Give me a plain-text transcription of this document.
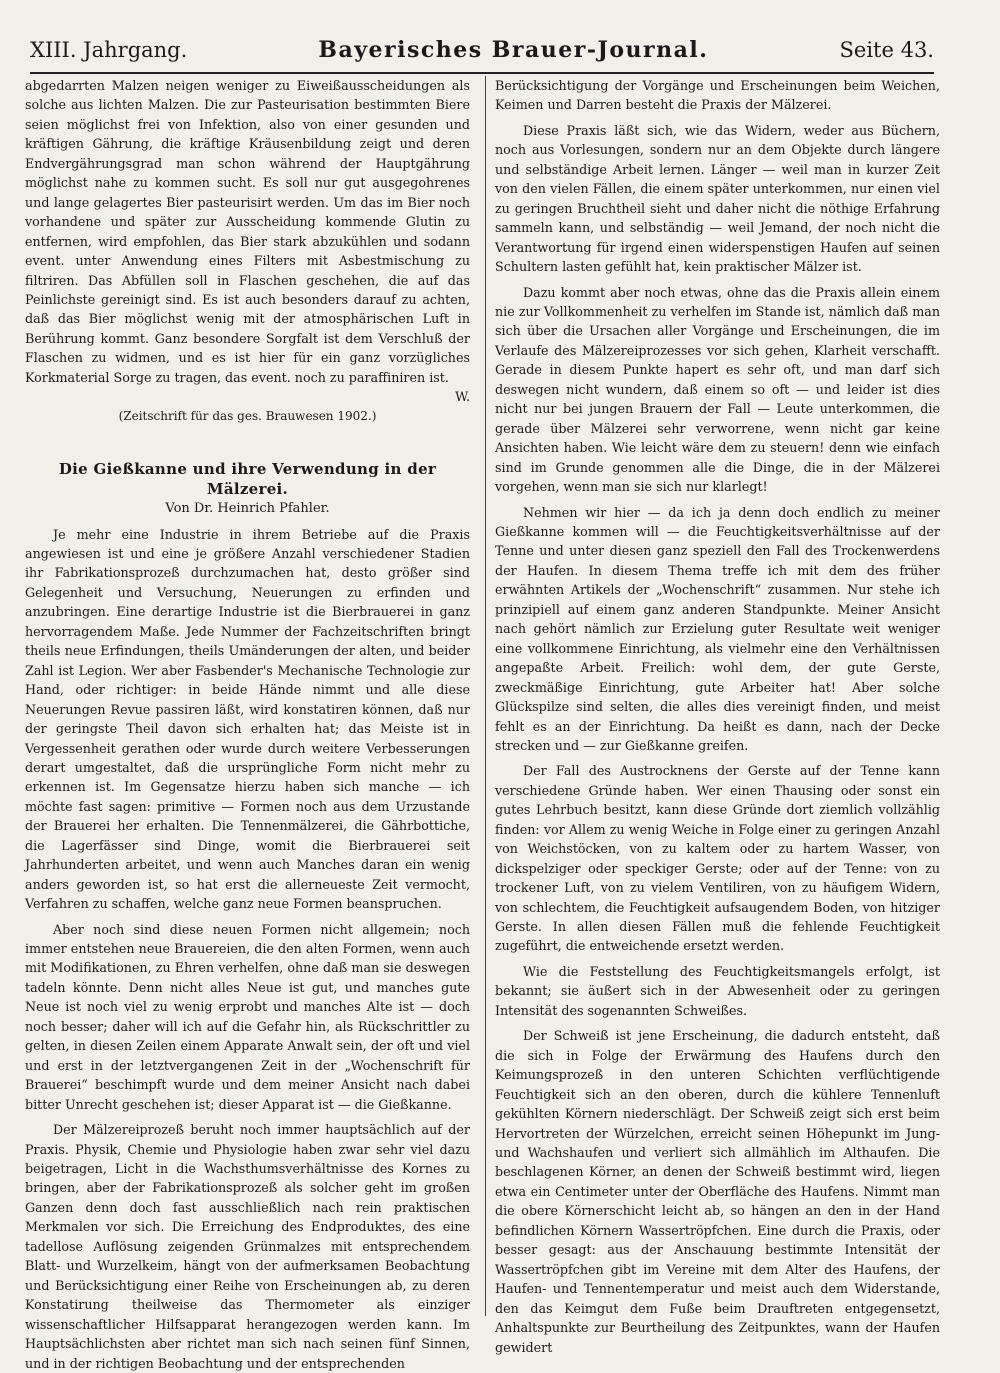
XIII. Jahrgang.	Bayerisches Brauer-Journal.	Seite 43.

abgedarrten Malzen neigen weniger zu Eiweißausscheidungen als solche aus lichten Malzen. Die zur Pasteurisation bestimmten Biere seien möglichst frei von Infektion, also von einer gesunden und kräftigen Gährung, die kräftige Kräusenbildung zeigt und deren Endvergährungsgrad man schon während der Hauptgährung möglichst nahe zu kommen sucht. Es soll nur gut ausgegohrenes und lange gelagertes Bier pasteurisirt werden. Um das im Bier noch vorhandene und später zur Ausscheidung kommende Glutin zu entfernen, wird empfohlen, das Bier stark abzukühlen und sodann event. unter Anwendung eines Filters mit Asbestmischung zu filtriren. Das Abfüllen soll in Flaschen geschehen, die auf das Peinlichste gereinigt sind. Es ist auch besonders darauf zu achten, daß das Bier möglichst wenig mit der atmosphärischen Luft in Berührung kommt. Ganz besondere Sorgfalt ist dem Verschluß der Flaschen zu widmen, und es ist hier für ein ganz vorzügliches Korkmaterial Sorge zu tragen, das event. noch zu paraffiniren ist.

W.

(Zeitschrift für das ges. Brauwesen 1902.)

Die Gießkanne und ihre Verwendung in der Mälzerei.

Von Dr. Heinrich Pfahler.

Je mehr eine Industrie in ihrem Betriebe auf die Praxis angewiesen ist und eine je größere Anzahl verschiedener Stadien ihr Fabrikationsprozeß durchzumachen hat, desto größer sind Gelegenheit und Versuchung, Neuerungen zu erfinden und anzubringen. Eine derartige Industrie ist die Bierbrauerei in ganz hervorragendem Maße. Jede Nummer der Fachzeitschriften bringt theils neue Erfindungen, theils Umänderungen der alten, und beider Zahl ist Legion. Wer aber Fasbender's Mechanische Technologie zur Hand, oder richtiger: in beide Hände nimmt und alle diese Neuerungen Revue passiren läßt, wird konstatiren können, daß nur der geringste Theil davon sich erhalten hat; das Meiste ist in Vergessenheit gerathen oder wurde durch weitere Verbesserungen derart umgestaltet, daß die ursprüngliche Form nicht mehr zu erkennen ist. Im Gegensatze hierzu haben sich manche — ich möchte fast sagen: primitive — Formen noch aus dem Urzustande der Brauerei her erhalten. Die Tennenmälzerei, die Gährbottiche, die Lagerfässer sind Dinge, womit die Bierbrauerei seit Jahrhunderten arbeitet, und wenn auch Manches daran ein wenig anders geworden ist, so hat erst die allerneueste Zeit vermocht, Verfahren zu schaffen, welche ganz neue Formen beanspruchen.

Aber noch sind diese neuen Formen nicht allgemein; noch immer entstehen neue Brauereien, die den alten Formen, wenn auch mit Modifikationen, zu Ehren verhelfen, ohne daß man sie deswegen tadeln könnte. Denn nicht alles Neue ist gut, und manches gute Neue ist noch viel zu wenig erprobt und manches Alte ist — doch noch besser; daher will ich auf die Gefahr hin, als Rückschrittler zu gelten, in diesen Zeilen einem Apparate Anwalt sein, der oft und viel und erst in der letztvergangenen Zeit in der „Wochenschrift für Brauerei“ beschimpft wurde und dem meiner Ansicht nach dabei bitter Unrecht geschehen ist; dieser Apparat ist — die Gießkanne.

Der Mälzereiprozeß beruht noch immer hauptsächlich auf der Praxis. Physik, Chemie und Physiologie haben zwar sehr viel dazu beigetragen, Licht in die Wachsthumsverhältnisse des Kornes zu bringen, aber der Fabrikationsprozeß als solcher geht im großen Ganzen denn doch fast ausschließlich nach rein praktischen Merkmalen vor sich. Die Erreichung des Endproduktes, des eine tadellose Auflösung zeigenden Grünmalzes mit entsprechendem Blatt- und Wurzelkeim, hängt von der aufmerksamen Beobachtung und Berücksichtigung einer Reihe von Erscheinungen ab, zu deren Konstatirung theilweise das Thermometer als einziger wissenschaftlicher Hilfsapparat herangezogen werden kann. Im Hauptsächlichsten aber richtet man sich nach seinen fünf Sinnen, und in der richtigen Beobachtung und der entsprechenden

Berücksichtigung der Vorgänge und Erscheinungen beim Weichen, Keimen und Darren besteht die Praxis der Mälzerei.

Diese Praxis läßt sich, wie das Widern, weder aus Büchern, noch aus Vorlesungen, sondern nur an dem Objekte durch längere und selbständige Arbeit lernen. Länger — weil man in kurzer Zeit von den vielen Fällen, die einem später unterkommen, nur einen viel zu geringen Bruchtheil sieht und daher nicht die nöthige Erfahrung sammeln kann, und selbständig — weil Jemand, der noch nicht die Verantwortung für irgend einen widerspenstigen Haufen auf seinen Schultern lasten gefühlt hat, kein praktischer Mälzer ist.

Dazu kommt aber noch etwas, ohne das die Praxis allein einem nie zur Vollkommenheit zu verhelfen im Stande ist, nämlich daß man sich über die Ursachen aller Vorgänge und Erscheinungen, die im Verlaufe des Mälzereiprozesses vor sich gehen, Klarheit verschafft. Gerade in diesem Punkte hapert es sehr oft, und man darf sich deswegen nicht wundern, daß einem so oft — und leider ist dies nicht nur bei jungen Brauern der Fall — Leute unterkommen, die gerade über Mälzerei sehr verworrene, wenn nicht gar keine Ansichten haben. Wie leicht wäre dem zu steuern! denn wie einfach sind im Grunde genommen alle die Dinge, die in der Mälzerei vorgehen, wenn man sie sich nur klarlegt!

Nehmen wir hier — da ich ja denn doch endlich zu meiner Gießkanne kommen will — die Feuchtigkeitsverhältnisse auf der Tenne und unter diesen ganz speziell den Fall des Trockenwerdens der Haufen. In diesem Thema treffe ich mit dem des früher erwähnten Artikels der „Wochenschrift“ zusammen. Nur stehe ich prinzipiell auf einem ganz anderen Standpunkte. Meiner Ansicht nach gehört nämlich zur Erzielung guter Resultate weit weniger eine vollkommene Einrichtung, als vielmehr eine den Verhältnissen angepaßte Arbeit. Freilich: wohl dem, der gute Gerste, zweckmäßige Einrichtung, gute Arbeiter hat! Aber solche Glückspilze sind selten, die alles dies vereinigt finden, und meist fehlt es an der Einrichtung. Da heißt es dann, nach der Decke strecken und — zur Gießkanne greifen.

Der Fall des Austrocknens der Gerste auf der Tenne kann verschiedene Gründe haben. Wer einen Thausing oder sonst ein gutes Lehrbuch besitzt, kann diese Gründe dort ziemlich vollzählig finden: vor Allem zu wenig Weiche in Folge einer zu geringen Anzahl von Weichstöcken, von zu kaltem oder zu hartem Wasser, von dickspelziger oder speckiger Gerste; oder auf der Tenne: von zu trockener Luft, von zu vielem Ventiliren, von zu häufigem Widern, von schlechtem, die Feuchtigkeit aufsaugendem Boden, von hitziger Gerste. In allen diesen Fällen muß die fehlende Feuchtigkeit zugeführt, die entweichende ersetzt werden.

Wie die Feststellung des Feuchtigkeitsmangels erfolgt, ist bekannt; sie äußert sich in der Abwesenheit oder zu geringen Intensität des sogenannten Schweißes.

Der Schweiß ist jene Erscheinung, die dadurch entsteht, daß die sich in Folge der Erwärmung des Haufens durch den Keimungsprozeß in den unteren Schichten verflüchtigende Feuchtigkeit sich an den oberen, durch die kühlere Tennenluft gekühlten Körnern niederschlägt. Der Schweiß zeigt sich erst beim Hervortreten der Würzelchen, erreicht seinen Höhepunkt im Jung- und Wachshaufen und verliert sich allmählich im Althaufen. Die beschlagenen Körner, an denen der Schweiß bestimmt wird, liegen etwa ein Centimeter unter der Oberfläche des Haufens. Nimmt man die obere Körnerschicht leicht ab, so hängen an den in der Hand befindlichen Körnern Wassertröpfchen. Eine durch die Praxis, oder besser gesagt: aus der Anschauung bestimmte Intensität der Wassertröpfchen gibt im Vereine mit dem Alter des Haufens, der Haufen- und Tennentemperatur und meist auch dem Widerstande, den das Keimgut dem Fuße beim Drauftreten entgegensetzt, Anhaltspunkte zur Beurtheilung des Zeitpunktes, wann der Haufen gewidert
